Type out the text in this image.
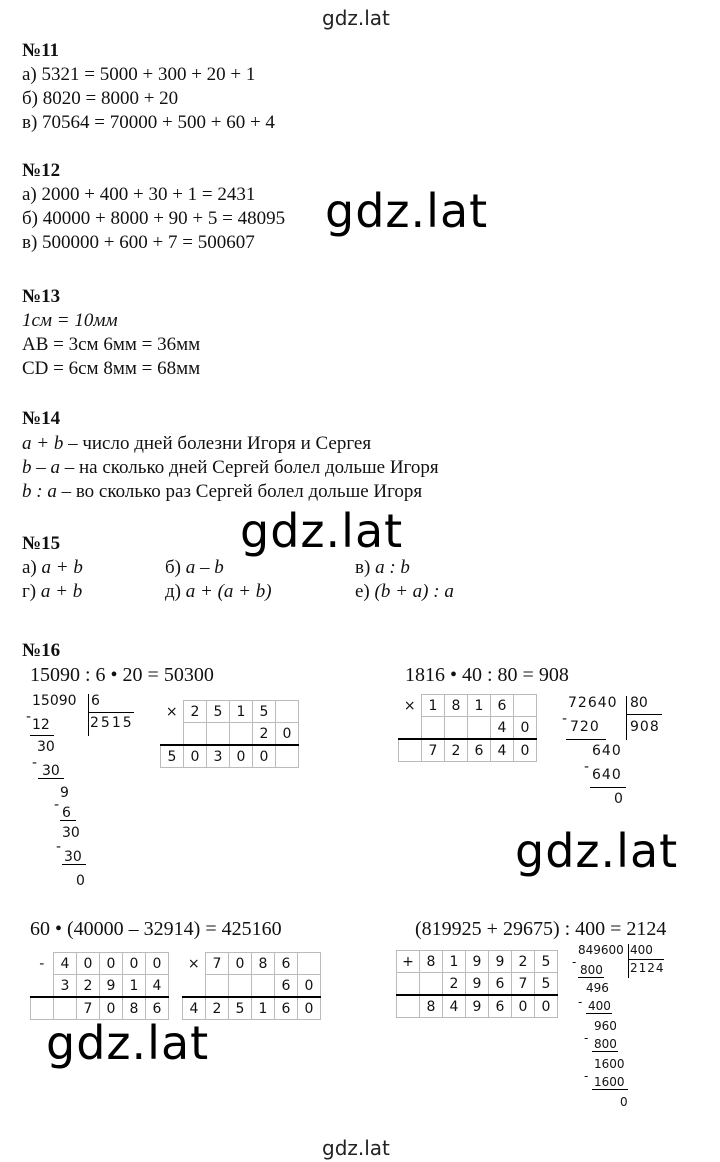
gdz.lat
№11
а) 5321 = 5000 + 300 + 20 + 1
б) 8020 = 8000 + 20
в) 70564 = 70000 + 500 + 60 + 4
№12
а) 2000 + 400 + 30 + 1 = 2431
б) 40000 + 8000 + 90 + 5 = 48095
в) 500000 + 600 + 7 = 500607
gdz.lat
№13
1см = 10мм
AB = 3см 6мм = 36мм
CD = 6см 8мм = 68мм
№14
a + b – число дней болезни Игоря и Сергея
b – a – на сколько дней Сергей болел дольше Игоря
b : a – во сколько раз Сергей болел дольше Игоря
gdz.lat
№15
а) a + b	б) a – b	в) a : b
г) a + b	д) a + (a + b)	е) (b + a) : a
№16
15090 : 6 • 20 = 50300	1816 • 40 : 80 = 908
15090 6
2515
- 12
30
- 30
9
- 6
30
-
30
0
×	2	5	1	5	
				2	0
5	0	3	0	0	
×	1	8	1	6	
				4	0
	7	2	6	4	0
72640 80
908
- 720
640
- 640
0
gdz.lat
60 • (40000 – 32914) = 425160	(819925 + 29675) : 400 = 2124
-	4	0	0	0	0
	3	2	9	1	4
		7	0	8	6
×	7	0	8	6	
				6	0
4	2	5	1	6	0
+	8	1	9	9	2	5
		2	9	6	7	5
	8	4	9	6	0	0
849600 400
2124
-
800
496
- 400
960
- 800
1600
- 1600
0
gdz.lat
gdz.lat
